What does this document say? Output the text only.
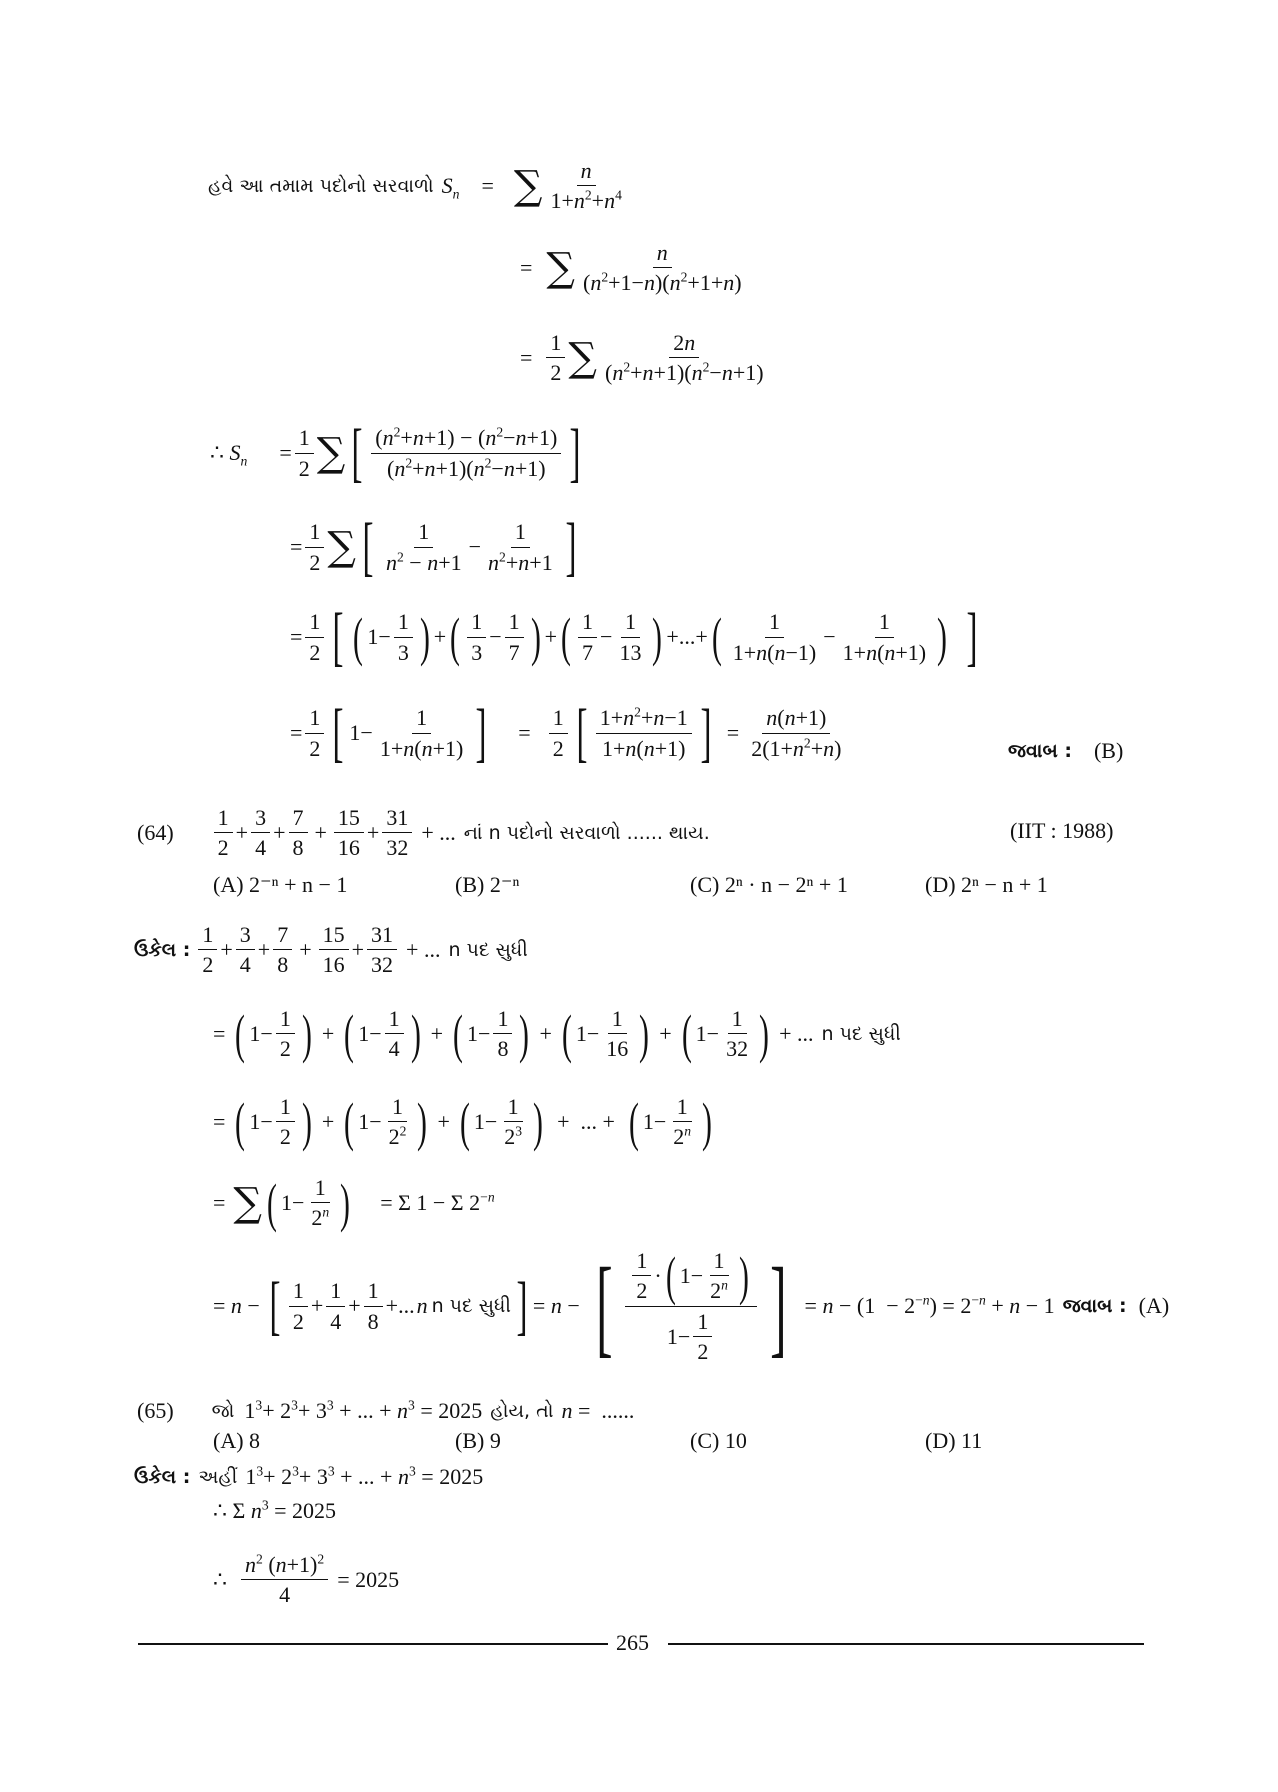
હવે આ તમામ પદોનો સરવાળો $S_n$ = ∑ $\frac{n}{1+n^2+n^4}$
= ∑ $\frac{n}{(n^2+1-n)(n^2+1+n)}$
= $\frac{1}{2}$ ∑ $\frac{2n}{(n^2+n+1)(n^2-n+1)}$
∴ $S_n = \frac{1}{2}$ ∑ [ $\frac{(n^2+n+1) - (n^2-n+1)}{(n^2+n+1)(n^2-n+1)}$ ]
= $\frac{1}{2}$ ∑ [ $\frac{1}{n^2 - n+1} - \frac{1}{n^2+n+1}$ ]
= $\frac{1}{2}$ [ ( $1- \frac{1}{3}$ ) + ( $\frac{1}{3} - \frac{1}{7}$ ) + ( $\frac{1}{7} - \frac{1}{13}$ ) +...+ ( $\frac{1}{1+n(n-1)} - \frac{1}{1+n(n+1)}$ ) ]
= $\frac{1}{2}$ [ $1- \frac{1}{1+n(n+1)}$ ] = $\frac{1}{2}$ [ $\frac{1+n^2+n-1}{1+n(n+1)}$ ] = $\frac{n(n+1)}{2(1+n^2+n)}$	જવાબ : (B)
$(64) \frac{1}{2} + \frac{3}{4} + \frac{7}{8} + \frac{15}{16} + \frac{31}{32}$ + ... નાં n પદોનો સરવાળો ...... થાય.	(IIT : 1988)
(A) 2⁻ⁿ + n − 1	(B) 2⁻ⁿ	(C) 2ⁿ · n − 2ⁿ + 1	(D) 2ⁿ − n + 1
ઉકેલ : $\frac{1}{2} + \frac{3}{4} + \frac{7}{8} + \frac{15}{16} + \frac{31}{32}$ + ... n પદ સુધી
= ( $1- \frac{1}{2}$ ) + ( $1- \frac{1}{4}$ ) + ( $1- \frac{1}{8}$ ) + ( $1- \frac{1}{16}$ ) + ( $1- \frac{1}{32}$ ) + ... n પદ સુધી
= ( $1- \frac{1}{2}$ ) + ( $1- \frac{1}{2^2}$ ) + ( $1- \frac{1}{2^3}$ ) +  ... + ( $1- \frac{1}{2^n}$ )
= ∑ ( $1- \frac{1}{2^n}$ ) = Σ 1 − Σ $2^{-n}$
= n − [ $\frac{1}{2} + \frac{1}{4} + \frac{1}{8}$ +... n n પદ સુધી ] = n − [ $\frac{\frac{1}{2} \cdot ( 1- \frac{1}{2^n} )}{1- \frac{1}{2}}$ ] = $n - (1 - 2^{-n}) = 2^{-n} + n - 1$ જવાબ : (A)
(65) જો $1^3+ 2^3+ 3^3$ + ... + $n^3 = 2025$ હોય, તો n =  ......
(A) 8	(B) 9	(C) 10	(D) 11
ઉકેલ : અહીં $1^3+ 2^3+ 3^3$ + ... + $n^3 = 2025$
∴ Σ $n^3 = 2025$
∴ $\frac{n^2 (n+1)^2}{4} = 2025$
265
